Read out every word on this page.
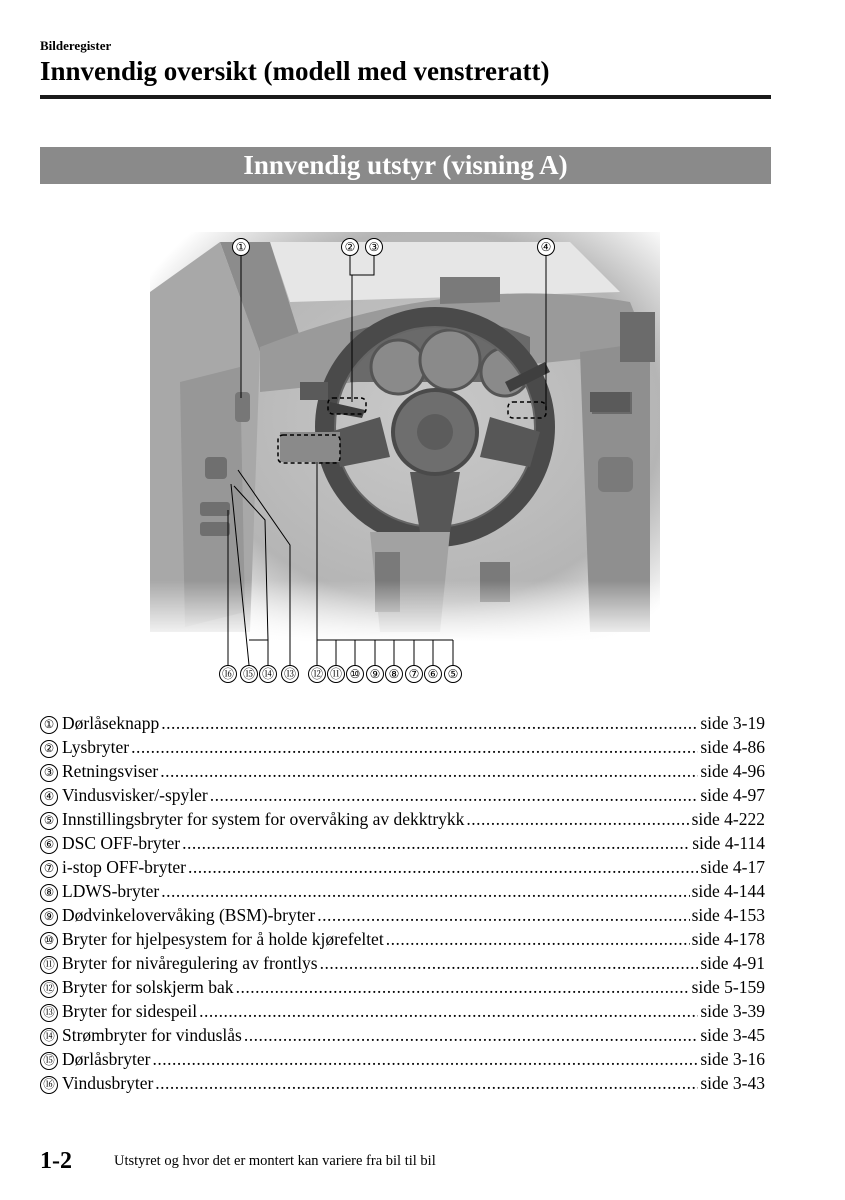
Bilderegister
Innvendig oversikt (modell med venstreratt)
Innvendig utstyr (visning A)
①	②	③	④
⑯ ⑮ ⑭ ⑬ ⑫ ⑪ ⑩ ⑨ ⑧ ⑦ ⑥ ⑤
① Dørlåseknapp .....	side 3-19
② Lysbryter .....	side 4-86
③ Retningsviser .....	side 4-96
④ Vindusvisker/-spyler .....	side 4-97
⑤ Innstillingsbryter for system for overvåking av dekktrykk .....	side 4-222
⑥ DSC OFF-bryter .....	side 4-114
⑦ i-stop OFF-bryter .....	side 4-17
⑧ LDWS-bryter .....	side 4-144
⑨ Dødvinkelovervåking (BSM)-bryter .....	side 4-153
⑩ Bryter for hjelpesystem for å holde kjørefeltet .....	side 4-178
⑪ Bryter for nivåregulering av frontlys .....	side 4-91
⑫ Bryter for solskjerm bak .....	side 5-159
⑬ Bryter for sidespeil .....	side 3-39
⑭ Strømbryter for vinduslås .....	side 3-45
⑮ Dørlåsbryter .....	side 3-16
⑯ Vindusbryter .....	side 3-43
1-2	Utstyret og hvor det er montert kan variere fra bil til bil
